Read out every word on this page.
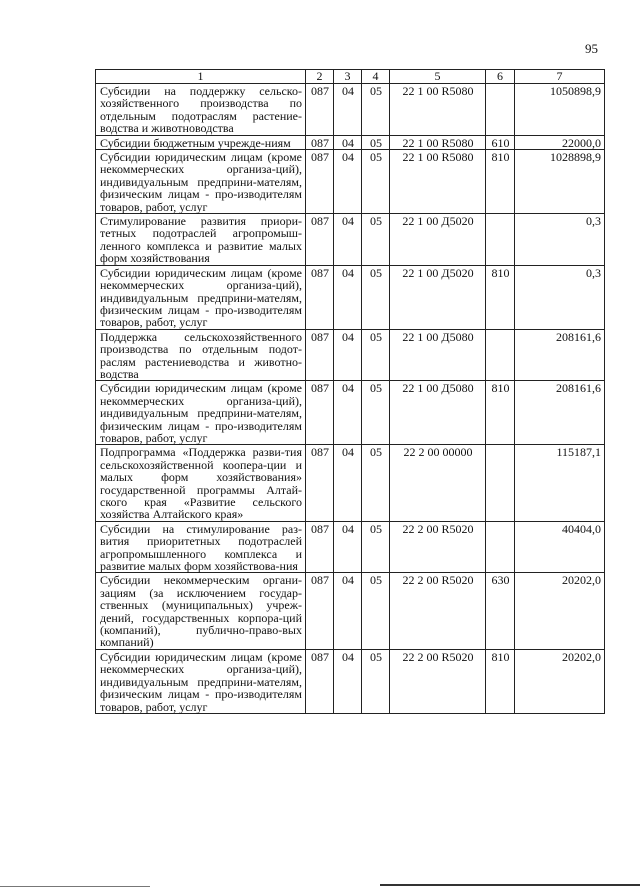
95
1	2	3	4	5	6	7
Субсидии на поддержку сельско-хозяйственного производства по отдельным подотраслям растение-водства и животноводства	087	04	05	22 1 00 R5080		1050898,9
Субсидии бюджетным учрежде-ниям	087	04	05	22 1 00 R5080	610	22000,0
Субсидии юридическим лицам (кроме некоммерческих организа-ций), индивидуальным предприни-мателям, физическим лицам - про-изводителям товаров, работ, услуг	087	04	05	22 1 00 R5080	810	1028898,9
Стимулирование развития приори-тетных подотраслей агропромыш-ленного комплекса и развитие малых форм хозяйствования	087	04	05	22 1 00 Д5020		0,3
Субсидии юридическим лицам (кроме некоммерческих организа-ций), индивидуальным предприни-мателям, физическим лицам - про-изводителям товаров, работ, услуг	087	04	05	22 1 00 Д5020	810	0,3
Поддержка сельскохозяйственного производства по отдельным подот-раслям растениеводства и животно-водства	087	04	05	22 1 00 Д5080		208161,6
Субсидии юридическим лицам (кроме некоммерческих организа-ций), индивидуальным предприни-мателям, физическим лицам - про-изводителям товаров, работ, услуг	087	04	05	22 1 00 Д5080	810	208161,6
Подпрограмма «Поддержка разви-тия сельскохозяйственной коопера-ции и малых форм хозяйствования» государственной программы Алтай-ского края «Развитие сельского хозяйства Алтайского края»	087	04	05	22 2 00 00000		115187,1
Субсидии на стимулирование раз-вития приоритетных подотраслей агропромышленного комплекса и развитие малых форм хозяйствова-ния	087	04	05	22 2 00 R5020		40404,0
Субсидии некоммерческим органи-зациям (за исключением государ-ственных (муниципальных) учреж-дений, государственных корпора-ций (компаний), публично-право-вых компаний)	087	04	05	22 2 00 R5020	630	20202,0
Субсидии юридическим лицам (кроме некоммерческих организа-ций), индивидуальным предприни-мателям, физическим лицам - про-изводителям товаров, работ, услуг	087	04	05	22 2 00 R5020	810	20202,0
